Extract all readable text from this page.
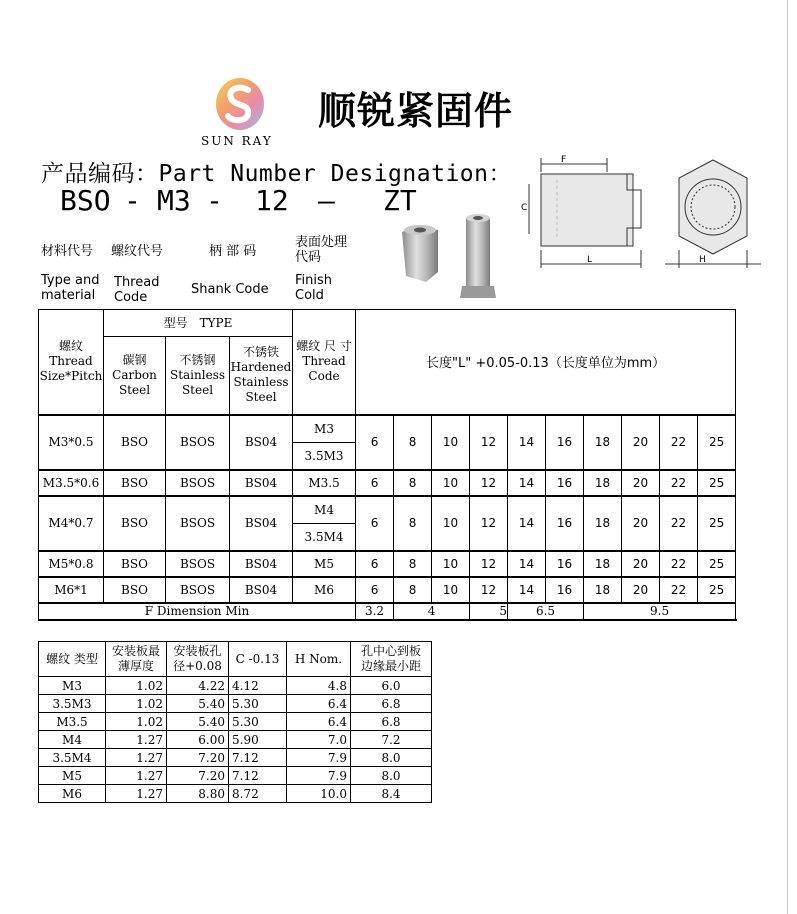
SUN RAY
顺锐紧固件
产品编码：Part Number Designation：
BSO - M3 - 12 — ZT
材料代号 螺纹代号	柄 部 码
表面处理代码
Type and material
Thread Code
Shank Code
Finish Cold
F
C
L	H
螺纹 Thread Size*Pitch	型号　TYPE			螺纹 尺 寸 Thread Code	长度"L" +0.05-0.13（长度单位为mm）									
	碳钢 Carbon Steel	不锈钢 Stainless Steel	不锈铁 Hardened Stainless Steel											
M3*0.5	BSO	BSOS	BS04	M3	6	8	10	12	14	16	18	20	22	25
				3.5M3										
M3.5*0.6	BSO	BSOS	BS04	M3.5	6	8	10	12	14	16	18	20	22	25
M4*0.7	BSO	BSOS	BS04	M4	6	8	10	12	14	16	18	20	22	25
				3.5M4										
M5*0.8	BSO	BSOS	BS04	M5	6	8	10	12	14	16	18	20	22	25
M6*1	BSO	BSOS	BS04	M6	6	8	10	12	14	16	18	20	22	25
F Dimension Min					3.2	4		5	6.5		9.5			
螺纹 类型	安装板最 薄厚度	安装板孔 径+0.08	C -0.13	H Nom.	孔中心到板 边缘最小距
M3	1.02	4.22	4.12	4.8	6.0
3.5M3	1.02	5.40	5.30	6.4	6.8
M3.5	1.02	5.40	5.30	6.4	6.8
M4	1.27	6.00	5.90	7.0	7.2
3.5M4	1.27	7.20	7.12	7.9	8.0
M5	1.27	7.20	7.12	7.9	8.0
M6	1.27	8.80	8.72	10.0	8.4
